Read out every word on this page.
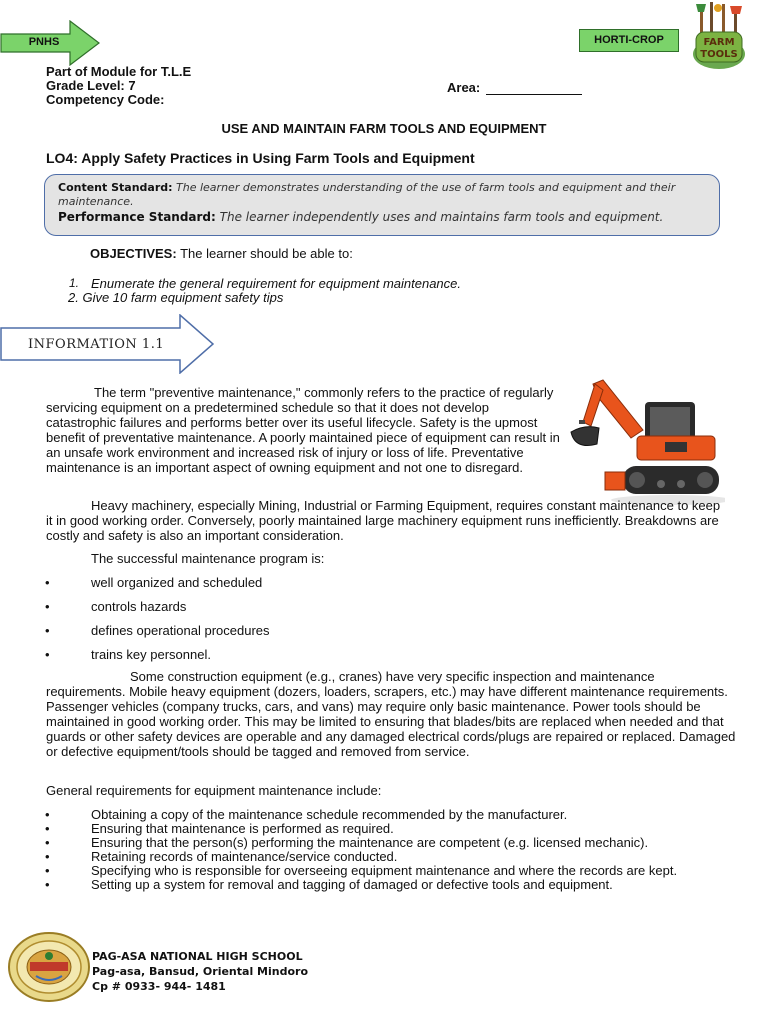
PNHS	HORTI-CROP	FARM
TOOLS
Part of Module for T.L.E
Grade Level: 7
Competency Code:
Area:
USE AND MAINTAIN FARM TOOLS AND EQUIPMENT
LO4: Apply Safety Practices in Using Farm Tools and Equipment
Content Standard: The learner demonstrates understanding of the use of farm tools and equipment and their maintenance.
Performance Standard: The learner independently uses and maintains farm tools and equipment.
OBJECTIVES: The learner should be able to:
1. Enumerate the general requirement for equipment maintenance.
2. Give 10 farm equipment safety tips
INFORMATION 1.1
The term "preventive maintenance," commonly refers to the practice of regularly servicing equipment on a predetermined schedule so that it does not develop catastrophic failures and performs better over its useful lifecycle. Safety is the upmost benefit of preventative maintenance. A poorly maintained piece of equipment can result in an unsafe work environment and increased risk of injury or loss of life. Preventative maintenance is an important aspect of owning equipment and not one to disregard.
Heavy machinery, especially Mining, Industrial or Farming Equipment, requires constant maintenance to keep it in good working order. Conversely, poorly maintained large machinery equipment runs inefficiently. Breakdowns are costly and safety is also an important consideration.
The successful maintenance program is:
•	well organized and scheduled
•	controls hazards
•	defines operational procedures
•	trains key personnel.
Some construction equipment (e.g., cranes) have very specific inspection and maintenance requirements. Mobile heavy equipment (dozers, loaders, scrapers, etc.) may have different maintenance requirements. Passenger vehicles (company trucks, cars, and vans) may require only basic maintenance. Power tools should be maintained in good working order. This may be limited to ensuring that blades/bits are replaced when needed and that guards or other safety devices are operable and any damaged electrical cords/plugs are repaired or replaced. Damaged or defective equipment/tools should be tagged and removed from service.
General requirements for equipment maintenance include:
•	Obtaining a copy of the maintenance schedule recommended by the manufacturer.
•	Ensuring that maintenance is performed as required.
•	Ensuring that the person(s) performing the maintenance are competent (e.g. licensed mechanic).
•	Retaining records of maintenance/service conducted.
•	Specifying who is responsible for overseeing equipment maintenance and where the records are kept.
•	Setting up a system for removal and tagging of damaged or defective tools and equipment.
PAG-ASA NATIONAL HIGH SCHOOL
Pag-asa, Bansud, Oriental Mindoro
Cp # 0933- 944- 1481
